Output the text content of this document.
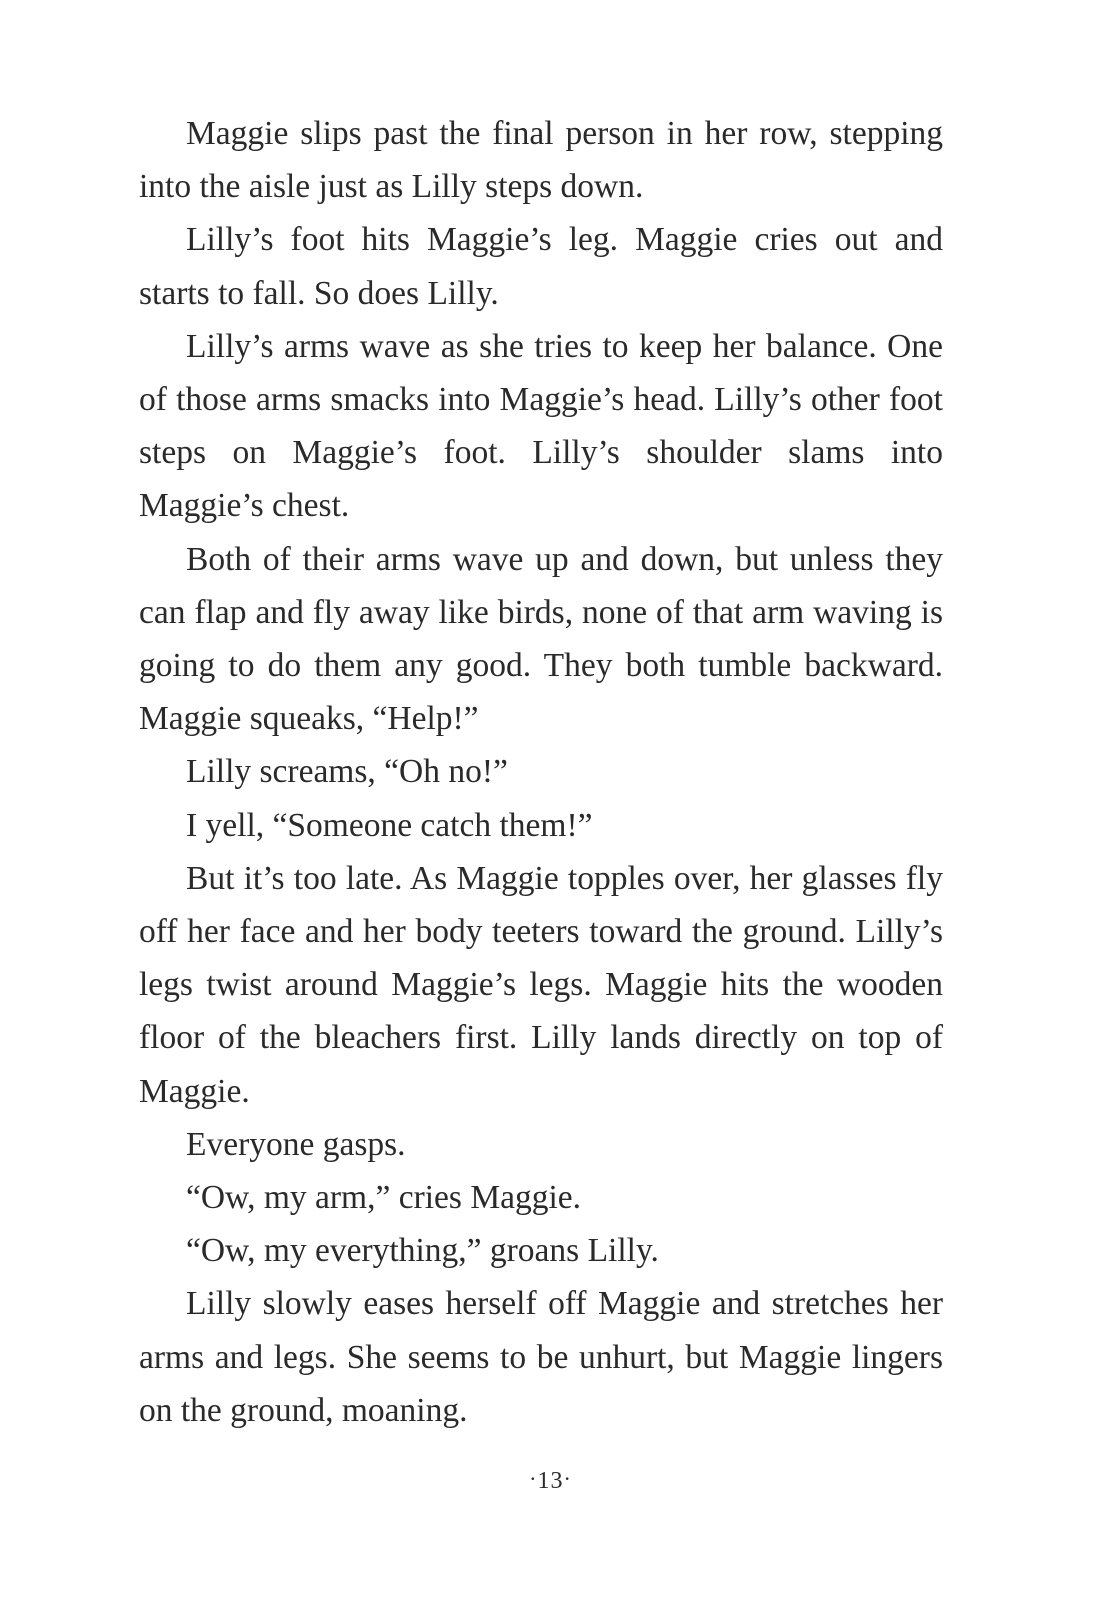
Maggie slips past the final person in her row, stepping into the aisle just as Lilly steps down.

Lilly’s foot hits Maggie’s leg. Maggie cries out and starts to fall. So does Lilly.

Lilly’s arms wave as she tries to keep her balance. One of those arms smacks into Maggie’s head. Lilly’s other foot steps on Maggie’s foot. Lilly’s shoulder slams into Maggie’s chest.

Both of their arms wave up and down, but unless they can flap and fly away like birds, none of that arm waving is going to do them any good. They both tumble backward. Maggie squeaks, “Help!”

Lilly screams, “Oh no!”

I yell, “Someone catch them!”

But it’s too late. As Maggie topples over, her glasses fly off her face and her body teeters toward the ground. Lilly’s legs twist around Maggie’s legs. Maggie hits the wooden floor of the bleachers first. Lilly lands directly on top of Maggie.

Everyone gasps.

“Ow, my arm,” cries Maggie.

“Ow, my everything,” groans Lilly.

Lilly slowly eases herself off Maggie and stretches her arms and legs. She seems to be unhurt, but Maggie lingers on the ground, moaning.

·13·
